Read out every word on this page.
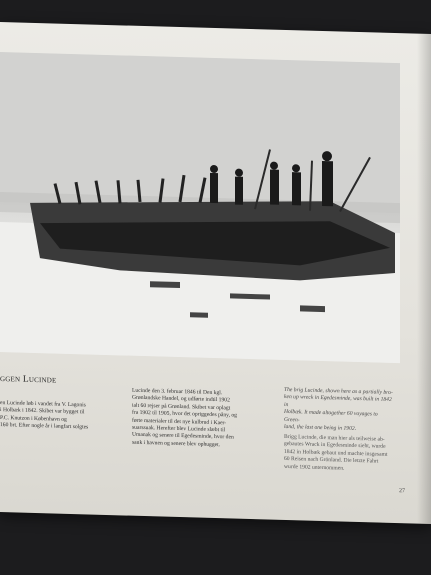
ggen Lucinde
en Lucinde løb i vandet fra V. Lagonis
i Holbæk i 1842. Skibet var bygget til
P.C. Knutzon i København og
160 brt. Efter nogle år i langfart solgtes
Lucinde den 3. februar 1846 til Den kgl.
Grønlandske Handel, og udførte indtil 1902
ialt 60 rejser på Grønland. Skibet var oplagt
fra 1902 til 1905, hvor det opriggedes påny, og
førte materialer til det nye kulbrud i Kaer-
suarssuak. Herefter blev Lucinde slæbt til
Umanak og senere til Egedesminde, hvor den
sank i havnen og senere blev ophugget.
The brig Lucinde, shown here as a partially bro-
ken up wreck in Egedesminde, was built in 1842 in
Holbæk. It made altogether 60 voyages to Green-
land, the last one being in 1902.
Brigg Lucinde, die man hier als teilweise ab-
gebautes Wrack in Egedesminde sieht, wurde
1842 in Holbæk gebaut und machte insgesamt
60 Reisen nach Grönland. Die letzte Fahrt
wurde 1902 unternommen.
27
